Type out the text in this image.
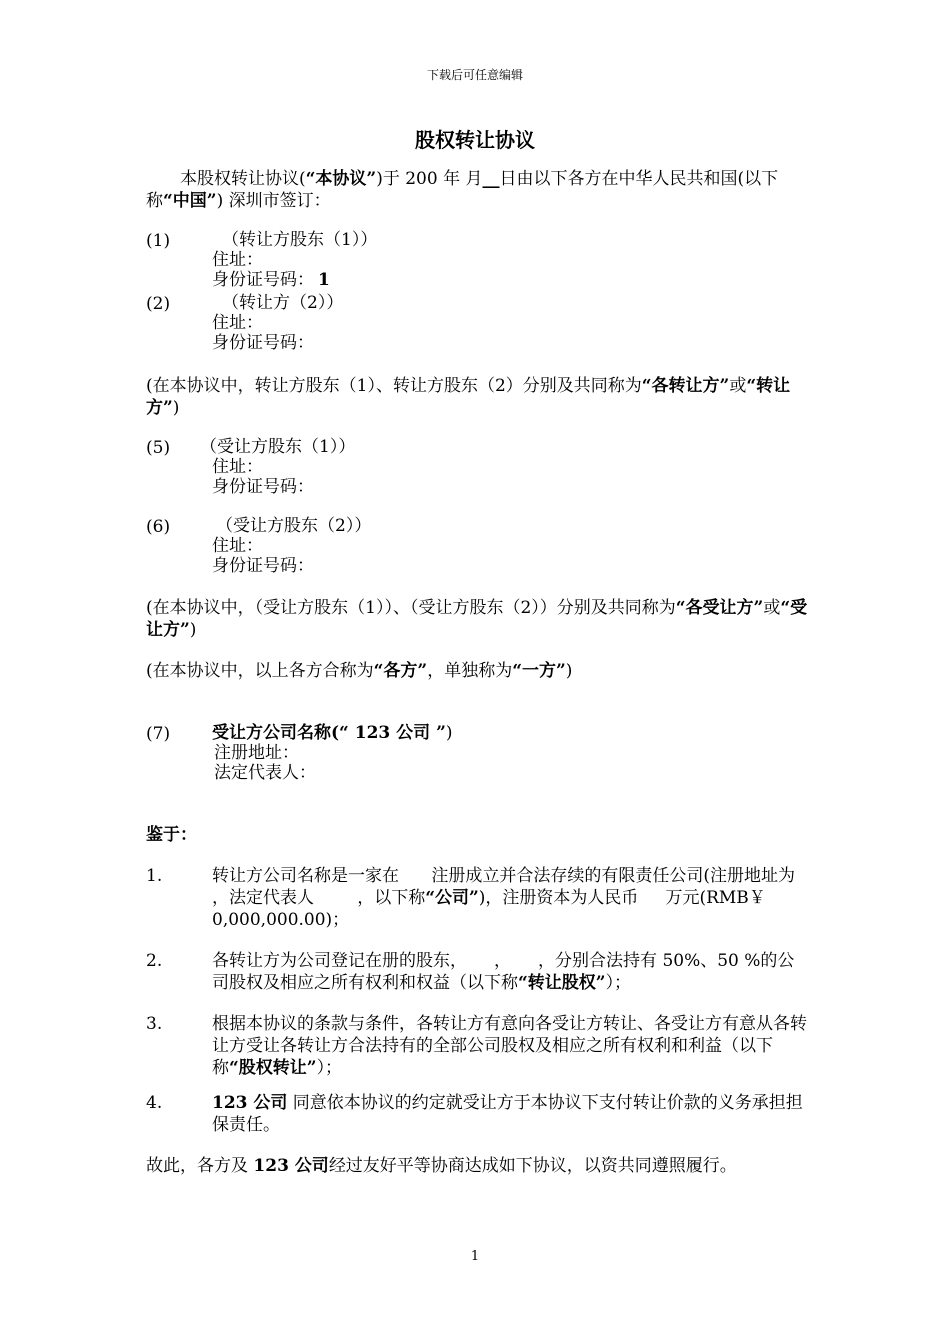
下载后可任意编辑
股权转让协议

本股权转让协议(“本协议”)于 200 年 月__日由以下各方在中华人民共和国(以下称“中国”) 深圳市签订：

(1)	（转让方股东（1））
住址：
身份证号码： 1
(2)	（转让方（2））
住址：
身份证号码：

(在本协议中，转让方股东（1）、转让方股东（2）分别及共同称为“各转让方”或“转让方”)

(5) （受让方股东（1））
住址：
身份证号码：
(6)	（受让方股东（2））
住址：
身份证号码：

(在本协议中，（受让方股东（1））、（受让方股东（2））分别及共同称为“各受让方”或“受让方”)

(在本协议中，以上各方合称为“各方”，单独称为“一方”)

(7) 受让方公司名称(“ 123 公司 ”)
注册地址：
法定代表人：
鉴于：
1.	转让方公司名称是一家在      注册成立并合法存续的有限责任公司(注册地址为                    ，法定代表人        ，以下称“公司”)，注册资本为人民币     万元(RMB￥   0,000,000.00)；

2.	各转让方为公司登记在册的股东，     ，     ，分别合法持有 50%、50 %的公司股权及相应之所有权利和权益（以下称“转让股权”）；

3.	根据本协议的条款与条件，各转让方有意向各受让方转让、各受让方有意从各转让方受让各转让方合法持有的全部公司股权及相应之所有权利和利益（以下称“股权转让”）；

4.	123 公司 同意依本协议的约定就受让方于本协议下支付转让价款的义务承担担保责任。

故此，各方及 123 公司经过友好平等协商达成如下协议，以资共同遵照履行。

1
